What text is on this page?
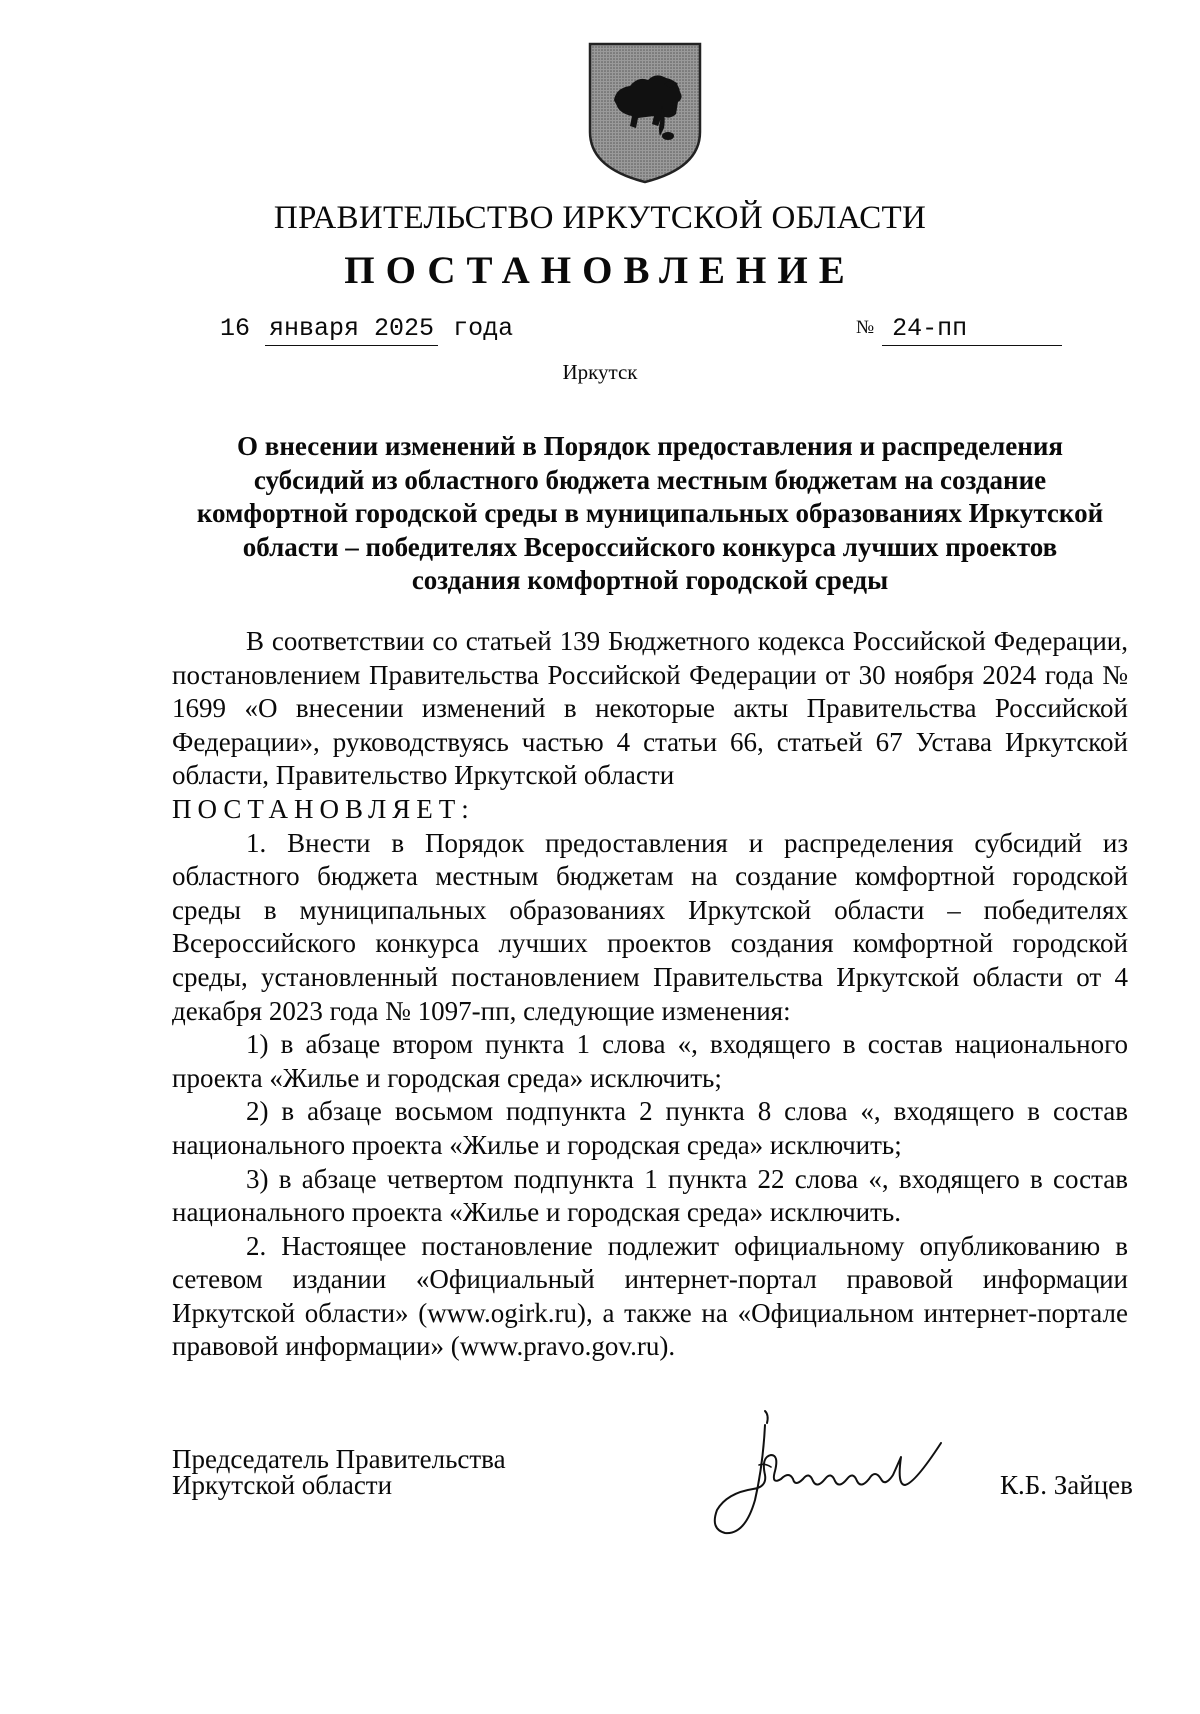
ПРАВИТЕЛЬСТВО ИРКУТСКОЙ ОБЛАСТИ
ПОСТАНОВЛЕНИЕ
16 января 2025 года	№ 24-пп
Иркутск
О внесении изменений в Порядок предоставления и распределения
субсидий из областного бюджета местным бюджетам на создание
комфортной городской среды в муниципальных образованиях Иркутской
области – победителях Всероссийского конкурса лучших проектов
создания комфортной городской среды

В соответствии со статьей 139 Бюджетного кодекса Российской Федерации, постановлением Правительства Российской Федерации от 30 ноября 2024 года № 1699 «О внесении изменений в некоторые акты Правительства Российской Федерации», руководствуясь частью 4 статьи 66, статьей 67 Устава Иркутской области, Правительство Иркутской области

ПОСТАНОВЛЯЕТ:

1. Внести в Порядок предоставления и распределения субсидий из областного бюджета местным бюджетам на создание комфортной городской среды в муниципальных образованиях Иркутской области – победителях Всероссийского конкурса лучших проектов создания комфортной городской среды, установленный постановлением Правительства Иркутской области от 4 декабря 2023 года № 1097-пп, следующие изменения:

1) в абзаце втором пункта 1 слова «, входящего в состав национального проекта «Жилье и городская среда» исключить;

2) в абзаце восьмом подпункта 2 пункта 8 слова «, входящего в состав национального проекта «Жилье и городская среда» исключить;

3) в абзаце четвертом подпункта 1 пункта 22 слова «, входящего в состав национального проекта «Жилье и городская среда» исключить.

2. Настоящее постановление подлежит официальному опубликованию в сетевом издании «Официальный интернет-портал правовой информации Иркутской области» (www.ogirk.ru), а также на «Официальном интернет-портале правовой информации» (www.pravo.gov.ru).

Председатель Правительства
Иркутской области	К.Б. Зайцев
